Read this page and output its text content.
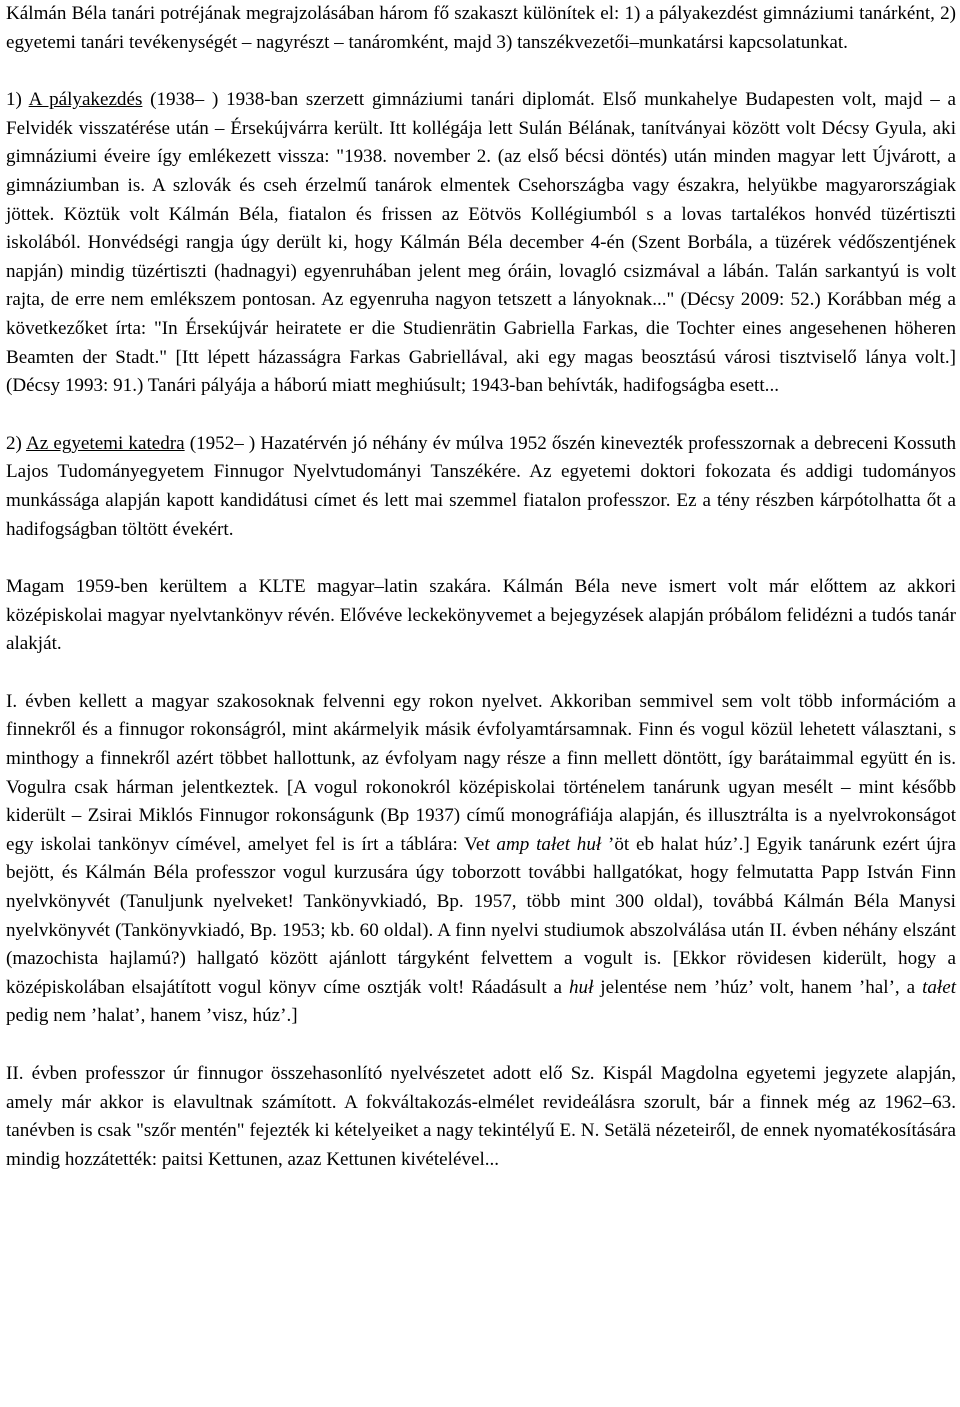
Kálmán Béla tanári potréjának megrajzolásában három fő szakaszt különítek el: 1) a pályakezdést gimnáziumi tanárként, 2) egyetemi tanári tevékenységét – nagyrészt – tanáromként, majd 3) tanszékvezetői–munkatársi kapcsolatunkat.

1) A pályakezdés (1938– ) 1938-ban szerzett gimnáziumi tanári diplomát. Első munkahelye Budapesten volt, majd – a Felvidék visszatérése után – Érsekújvárra került. Itt kollégája lett Sulán Bélának, tanítványai között volt Décsy Gyula, aki gimnáziumi éveire így emlékezett vissza: "1938. november 2. (az első bécsi döntés) után minden magyar lett Újvárott, a gimnáziumban is. A szlovák és cseh érzelmű tanárok elmentek Csehországba vagy északra, helyükbe magyarországiak jöttek. Köztük volt Kálmán Béla, fiatalon és frissen az Eötvös Kollégiumból s a lovas tartalékos honvéd tüzértiszti iskolából. Honvédségi rangja úgy derült ki, hogy Kálmán Béla december 4-én (Szent Borbála, a tüzérek védőszentjének napján) mindig tüzértiszti (hadnagyi) egyenruhában jelent meg óráin, lovagló csizmával a lábán. Talán sarkantyú is volt rajta, de erre nem emlékszem pontosan. Az egyenruha nagyon tetszett a lányoknak..." (Décsy 2009: 52.) Korábban még a következőket írta: "In Érsekújvár heiratete er die Studienrätin Gabriella Farkas, die Tochter eines angesehenen höheren Beamten der Stadt." [Itt lépett házasságra Farkas Gabriellával, aki egy magas beosztású városi tisztviselő lánya volt.] (Décsy 1993: 91.) Tanári pályája a háború miatt meghiúsult; 1943-ban behívták, hadifogságba esett...

2) Az egyetemi katedra (1952– ) Hazatérvén jó néhány év múlva 1952 őszén kinevezték professzornak a debreceni Kossuth Lajos Tudományegyetem Finnugor Nyelvtudományi Tanszékére. Az egyetemi doktori fokozata és addigi tudományos munkássága alapján kapott kandidátusi címet és lett mai szemmel fiatalon professzor. Ez a tény részben kárpótolhatta őt a hadifogságban töltött évekért.

Magam 1959-ben kerültem a KLTE magyar–latin szakára. Kálmán Béla neve ismert volt már előttem az akkori középiskolai magyar nyelvtankönyv révén. Elővéve leckekönyvemet a bejegyzések alapján próbálom felidézni a tudós tanár alakját.

I. évben kellett a magyar szakosoknak felvenni egy rokon nyelvet. Akkoriban semmivel sem volt több információm a finnekről és a finnugor rokonságról, mint akármelyik másik évfolyamtársamnak. Finn és vogul közül lehetett választani, s minthogy a finnekről azért többet hallottunk, az évfolyam nagy része a finn mellett döntött, így barátaimmal együtt én is. Vogulra csak hárman jelentkeztek. [A vogul rokonokról középiskolai történelem tanárunk ugyan mesélt – mint később kiderült – Zsirai Miklós Finnugor rokonságunk (Bp 1937) című monográfiája alapján, és illusztrálta is a nyelvrokonságot egy iskolai tankönyv címével, amelyet fel is írt a táblára: Vet amp tałet huł ’öt eb halat húz’.] Egyik tanárunk ezért újra bejött, és Kálmán Béla professzor vogul kurzusára úgy toborzott további hallgatókat, hogy felmutatta Papp István Finn nyelvkönyvét (Tanuljunk nyelveket! Tankönyvkiadó, Bp. 1957, több mint 300 oldal), továbbá Kálmán Béla Manysi nyelvkönyvét (Tankönyvkiadó, Bp. 1953; kb. 60 oldal). A finn nyelvi studiumok abszolválása után II. évben néhány elszánt (mazochista hajlamú?) hallgató között ajánlott tárgyként felvettem a vogult is. [Ekkor rövidesen kiderült, hogy a középiskolában elsajátított vogul könyv címe osztják volt! Ráadásult a huł jelentése nem ’húz’ volt, hanem ’hal’, a tałet pedig nem ’halat’, hanem ’visz, húz’.]

II. évben professzor úr finnugor összehasonlító nyelvészetet adott elő Sz. Kispál Magdolna egyetemi jegyzete alapján, amely már akkor is elavultnak számított. A fokváltakozás-elmélet revideálásra szorult, bár a finnek még az 1962–63. tanévben is csak "szőr mentén" fejezték ki kételyeiket a nagy tekintélyű E. N. Setälä nézeteiről, de ennek nyomatékosítására mindig hozzátették: paitsi Kettunen, azaz Kettunen kivételével...
